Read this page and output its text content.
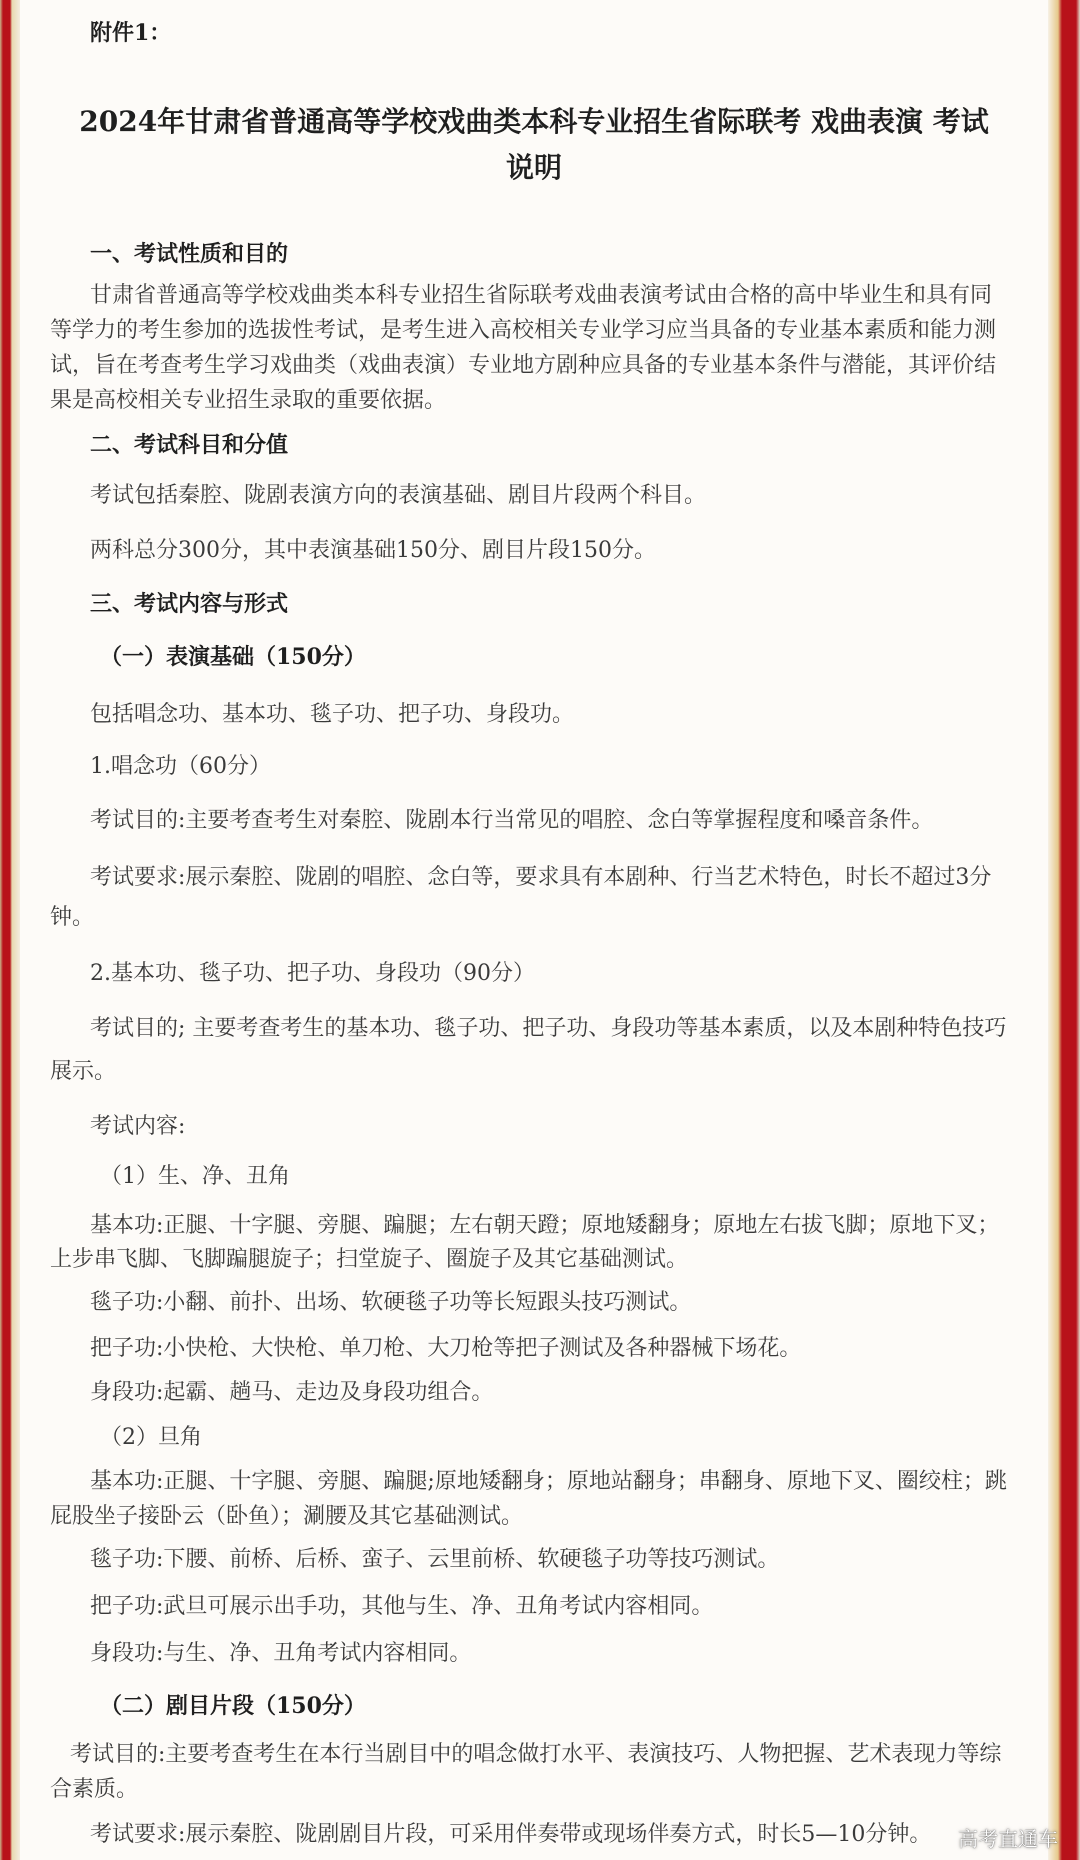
附件1：

2024年甘肃省普通高等学校戏曲类本科专业招生省际联考 戏曲表演 考试

说明

一、考试性质和目的

甘肃省普通高等学校戏曲类本科专业招生省际联考戏曲表演考试由合格的高中毕业生和具有同

等学力的考生参加的选拔性考试，是考生进入高校相关专业学习应当具备的专业基本素质和能力测

试，旨在考查考生学习戏曲类（戏曲表演）专业地方剧种应具备的专业基本条件与潜能，其评价结

果是高校相关专业招生录取的重要依据。

二、考试科目和分值

考试包括秦腔、陇剧表演方向的表演基础、剧目片段两个科目。

两科总分300分，其中表演基础150分、剧目片段150分。

三、考试内容与形式

（一）表演基础（150分）

包括唱念功、基本功、毯子功、把子功、身段功。

1.唱念功（60分）

考试目的:主要考查考生对秦腔、陇剧本行当常见的唱腔、念白等掌握程度和嗓音条件。

考试要求:展示秦腔、陇剧的唱腔、念白等，要求具有本剧种、行当艺术特色，时长不超过3分

钟。

2.基本功、毯子功、把子功、身段功（90分）

考试目的; 主要考查考生的基本功、毯子功、把子功、身段功等基本素质，以及本剧种特色技巧

展示。

考试内容:

（1）生、净、丑角

基本功:正腿、十字腿、旁腿、蹁腿；左右朝天蹬；原地矮翻身；原地左右拔飞脚；原地下叉；

上步串飞脚、飞脚蹁腿旋子；扫堂旋子、圈旋子及其它基础测试。

毯子功:小翻、前扑、出场、软硬毯子功等长短跟头技巧测试。

把子功:小快枪、大快枪、单刀枪、大刀枪等把子测试及各种器械下场花。

身段功:起霸、趟马、走边及身段功组合。

（2）旦角

基本功:正腿、十字腿、旁腿、蹁腿;原地矮翻身；原地站翻身；串翻身、原地下叉、圈绞柱；跳

屁股坐子接卧云（卧鱼）；涮腰及其它基础测试。

毯子功:下腰、前桥、后桥、蛮子、云里前桥、软硬毯子功等技巧测试。

把子功:武旦可展示出手功，其他与生、净、丑角考试内容相同。

身段功:与生、净、丑角考试内容相同。

（二）剧目片段（150分）

考试目的:主要考查考生在本行当剧目中的唱念做打水平、表演技巧、人物把握、艺术表现力等综

合素质。

考试要求:展示秦腔、陇剧剧目片段，可采用伴奏带或现场伴奏方式，时长5—10分钟。 高考直通车
